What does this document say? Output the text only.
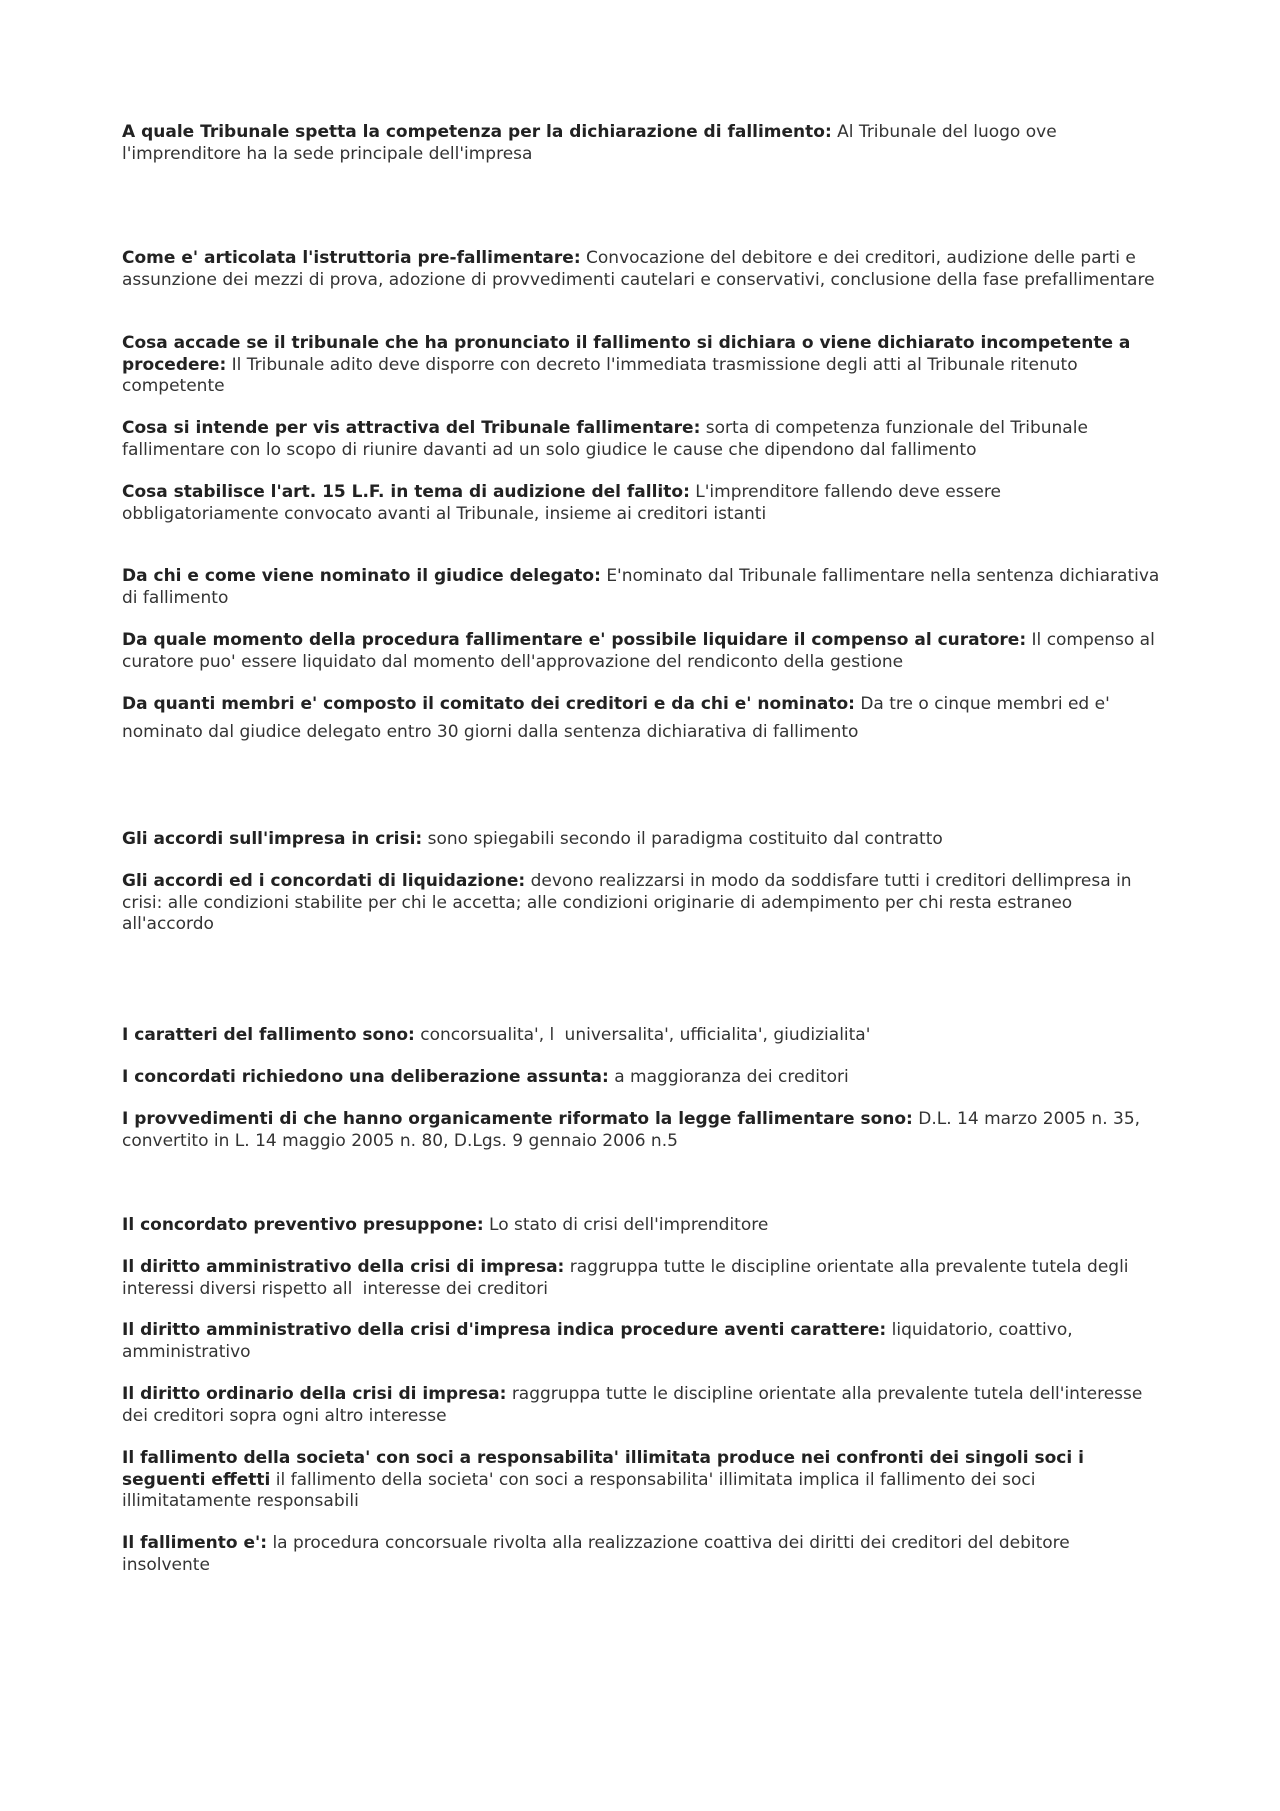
A quale Tribunale spetta la competenza per la dichiarazione di fallimento: Al Tribunale del luogo ove l'imprenditore ha la sede principale dell'impresa

Come e' articolata l'istruttoria pre-fallimentare: Convocazione del debitore e dei creditori, audizione delle parti e assunzione dei mezzi di prova, adozione di provvedimenti cautelari e conservativi, conclusione della fase prefallimentare

Cosa accade se il tribunale che ha pronunciato il fallimento si dichiara o viene dichiarato incompetente a procedere: Il Tribunale adito deve disporre con decreto l'immediata trasmissione degli atti al Tribunale ritenuto competente

Cosa si intende per vis attractiva del Tribunale fallimentare: sorta di competenza funzionale del Tribunale fallimentare con lo scopo di riunire davanti ad un solo giudice le cause che dipendono dal fallimento

Cosa stabilisce l'art. 15 L.F. in tema di audizione del fallito: L'imprenditore fallendo deve essere obbligatoriamente convocato avanti al Tribunale, insieme ai creditori istanti

Da chi e come viene nominato il giudice delegato: E'nominato dal Tribunale fallimentare nella sentenza dichiarativa di fallimento

Da quale momento della procedura fallimentare e' possibile liquidare il compenso al curatore: Il compenso al curatore puo' essere liquidato dal momento dell'approvazione del rendiconto della gestione

Da quanti membri e' composto il comitato dei creditori e da chi e' nominato: Da tre o cinque membri ed e' nominato dal giudice delegato entro 30 giorni dalla sentenza dichiarativa di fallimento

Gli accordi sull'impresa in crisi: sono spiegabili secondo il paradigma costituito dal contratto

Gli accordi ed i concordati di liquidazione: devono realizzarsi in modo da soddisfare tutti i creditori dellimpresa in crisi: alle condizioni stabilite per chi le accetta; alle condizioni originarie di adempimento per chi resta estraneo all'accordo

I caratteri del fallimento sono: concorsualita', luniversalita', ufficialita', giudizialita'

I concordati richiedono una deliberazione assunta: a maggioranza dei creditori

I provvedimenti di che hanno organicamente riformato la legge fallimentare sono: D.L. 14 marzo 2005 n. 35, convertito in L. 14 maggio 2005 n. 80, D.Lgs. 9 gennaio 2006 n.5

Il concordato preventivo presuppone: Lo stato di crisi dell'imprenditore

Il diritto amministrativo della crisi di impresa: raggruppa tutte le discipline orientate alla prevalente tutela degli interessi diversi rispetto allinteresse dei creditori

Il diritto amministrativo della crisi d'impresa indica procedure aventi carattere: liquidatorio, coattivo, amministrativo

Il diritto ordinario della crisi di impresa: raggruppa tutte le discipline orientate alla prevalente tutela dell'interesse dei creditori sopra ogni altro interesse

Il fallimento della societa' con soci a responsabilita' illimitata produce nei confronti dei singoli soci i seguenti effetti il fallimento della societa' con soci a responsabilita' illimitata implica il fallimento dei soci illimitatamente responsabili

Il fallimento e': la procedura concorsuale rivolta alla realizzazione coattiva dei diritti dei creditori del debitore insolvente
